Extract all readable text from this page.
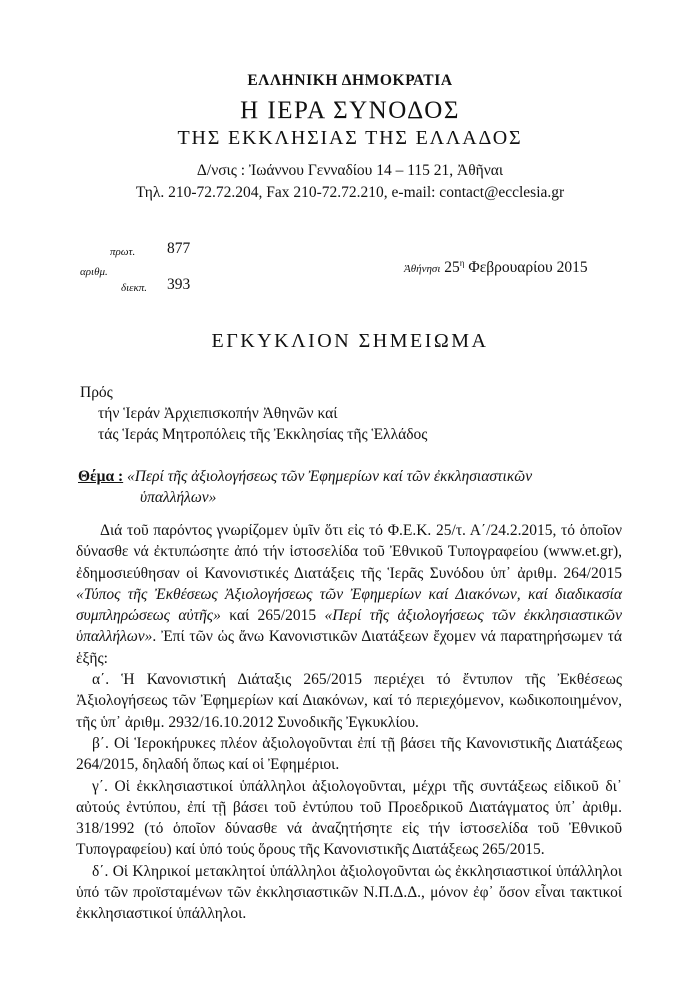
ΕΛΛΗΝΙΚΗ ΔΗΜΟΚΡΑΤΙΑ
Η ΙΕΡΑ ΣΥΝΟΔΟΣ
ΤΗΣ ΕΚΚΛΗΣΙΑΣ ΤΗΣ ΕΛΛΑΔΟΣ
Δ/νσις : Ἰωάννου Γενναδίου 14 – 115 21, Ἀθῆναι
Τηλ. 210-72.72.204, Fax 210-72.72.210, e-mail: contact@ecclesia.gr
πρωτ. 877
αριθμ.
διεκπ. 393
Ἀθήνησι $25^\eta$ Φεβρουαρίου 2015
ΕΓΚΥΚΛΙΟΝ ΣΗΜΕΙΩΜΑ
Πρός
τήν Ἱεράν Ἀρχιεπισκοπήν Ἀθηνῶν καί
τάς Ἱεράς Μητροπόλεις τῆς Ἐκκλησίας τῆς Ἑλλάδος
Θέμα : «Περί τῆς ἀξιολογήσεως τῶν Ἐφημερίων καί τῶν ἐκκλησιαστικῶν
ὑπαλλήλων»

Διά τοῦ παρόντος γνωρίζομεν ὑμῖν ὅτι εἰς τό Φ.Ε.Κ. 25/τ. Α΄/24.2.2015, τό ὁποῖον δύνασθε νά ἐκτυπώσητε ἀπό τήν ἱστοσελίδα τοῦ Ἐθνικοῦ Τυπογραφείου (www.et.gr), ἐδημοσιεύθησαν οἱ Κανονιστικές Διατάξεις τῆς Ἱερᾶς Συνόδου ὑπ᾽ ἀριθμ. 264/2015 «Τύπος τῆς Ἐκθέσεως Ἀξιολογήσεως τῶν Ἐφημερίων καί Διακόνων, καί διαδικασία συμπληρώσεως αὐτῆς» καί 265/2015 «Περί τῆς ἀξιολογήσεως τῶν ἐκκλησιαστικῶν ὑπαλλήλων». Ἐπί τῶν ὡς ἄνω Κανονιστικῶν Διατάξεων ἔχομεν νά παρατηρήσωμεν τά ἑξῆς:

α΄. Ἡ Κανονιστική Διάταξις 265/2015 περιέχει τό ἔντυπον τῆς Ἐκθέσεως Ἀξιολογήσεως τῶν Ἐφημερίων καί Διακόνων, καί τό περιεχόμενον, κωδικοποιημένον, τῆς ὑπ᾽ ἀριθμ. 2932/16.10.2012 Συνοδικῆς Ἐγκυκλίου.

β΄. Οἱ Ἱεροκήρυκες πλέον ἀξιολογοῦνται ἐπί τῇ βάσει τῆς Κανονιστικῆς Διατάξεως 264/2015, δηλαδή ὅπως καί οἱ Ἐφημέριοι.

γ΄. Οἱ ἐκκλησιαστικοί ὑπάλληλοι ἀξιολογοῦνται, μέχρι τῆς συντάξεως εἰδικοῦ δι᾽ αὐτούς ἐντύπου, ἐπί τῇ βάσει τοῦ ἐντύπου τοῦ Προεδρικοῦ Διατάγματος ὑπ᾽ ἀριθμ. 318/1992 (τό ὁποῖον δύνασθε νά ἀναζητήσητε εἰς τήν ἱστοσελίδα τοῦ Ἐθνικοῦ Τυπογραφείου) καί ὑπό τούς ὅρους τῆς Κανονιστικῆς Διατάξεως 265/2015.

δ΄. Οἱ Κληρικοί μετακλητοί ὑπάλληλοι ἀξιολογοῦνται ὡς ἐκκλησιαστικοί ὑπάλληλοι ὑπό τῶν προϊσταμένων τῶν ἐκκλησιαστικῶν Ν.Π.Δ.Δ., μόνον ἐφ᾽ ὅσον εἶναι τακτικοί ἐκκλησιαστικοί ὑπάλληλοι.
